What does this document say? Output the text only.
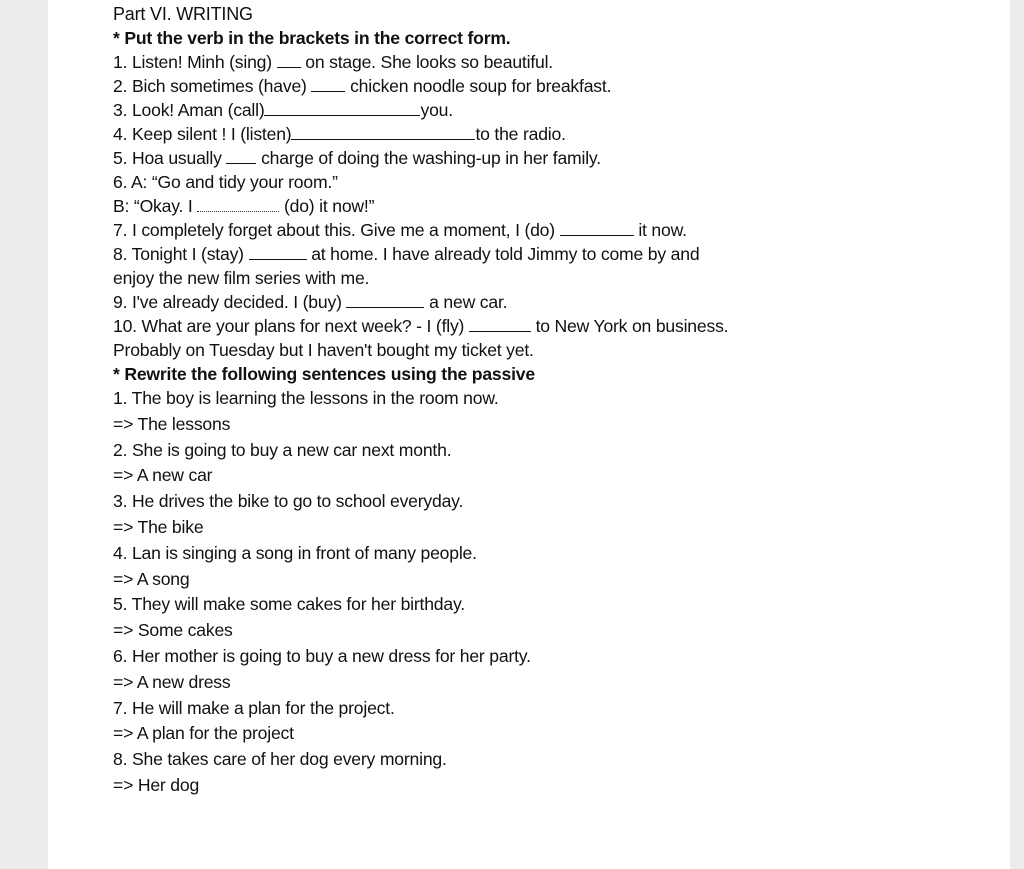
Part VI. WRITING
* Put the verb in the brackets in the correct form.
1. Listen! Minh (sing)  on stage. She looks so beautiful.
2. Bich sometimes (have)  chicken noodle soup for breakfast.
3. Look! Aman (call)	you.
4. Keep silent ! I (listen)	to the radio.
5. Hoa usually  charge of doing the washing-up in her family.
6. A: “Go and tidy your room.”
B: “Okay. I	(do) it now!”
7. I completely forget about this. Give me a moment, I (do)	it now.
8. Tonight I (stay)	at home. I have already told Jimmy to come by and
enjoy the new film series with me.
9. I've already decided. I (buy)	a new car.
10. What are your plans for next week? - I (fly)	to New York on business.
Probably on Tuesday but I haven't bought my ticket yet.
* Rewrite the following sentences using the passive
1. The boy is learning the lessons in the room now.
=> The lessons
2. She is going to buy a new car next month.
=> A new car
3. He drives the bike to go to school everyday.
=> The bike
4. Lan is singing a song in front of many people.
=> A song
5. They will make some cakes for her birthday.
=> Some cakes
6. Her mother is going to buy a new dress for her party.
=> A new dress
7. He will make a plan for the project.
=> A plan for the project
8. She takes care of her dog every morning.
=> Her dog
